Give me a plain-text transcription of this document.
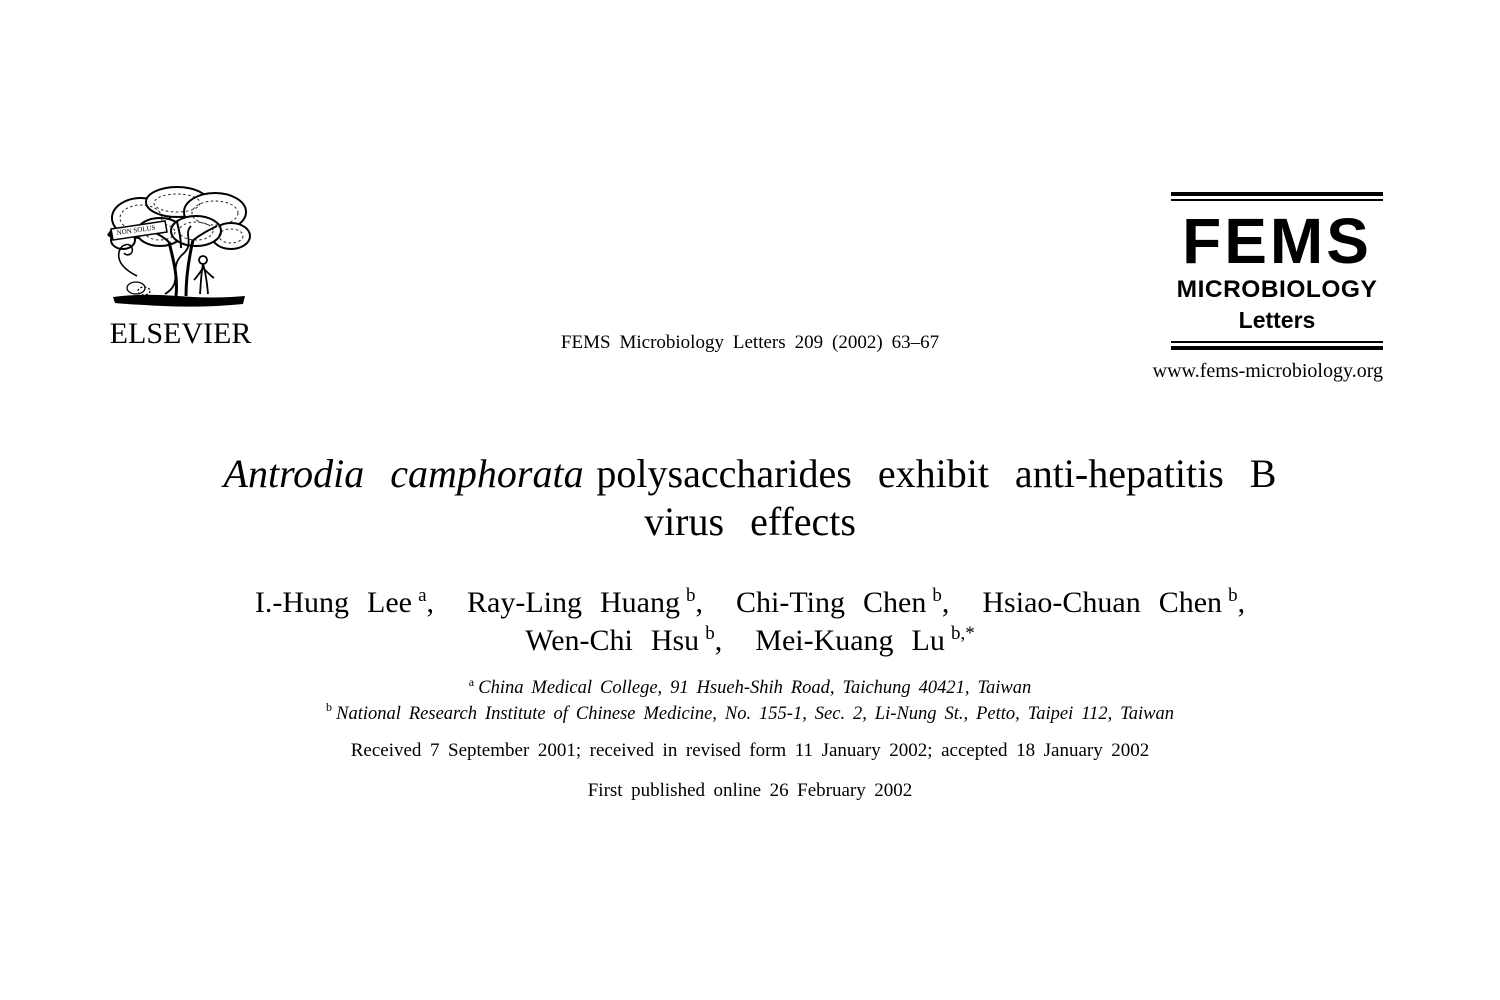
NON SOLUS
ELSEVIER	FEMS Microbiology Letters 209 (2002) 63–67
FEMS
MICROBIOLOGY
Letters
www.fems-microbiology.org
Antrodia camphorata polysaccharides exhibit anti-hepatitis B
virus effects
I.-Hung Lee $^a$, Ray-Ling Huang $^b$, Chi-Ting Chen $^b$, Hsiao-Chuan Chen $^b$,
Wen-Chi Hsu $^b$, Mei-Kuang Lu $^{b,*}$
$^a$ China Medical College, 91 Hsueh-Shih Road, Taichung 40421, Taiwan
$^b$ National Research Institute of Chinese Medicine, No. 155-1, Sec. 2, Li-Nung St., Petto, Taipei 112, Taiwan
Received 7 September 2001; received in revised form 11 January 2002; accepted 18 January 2002
First published online 26 February 2002
